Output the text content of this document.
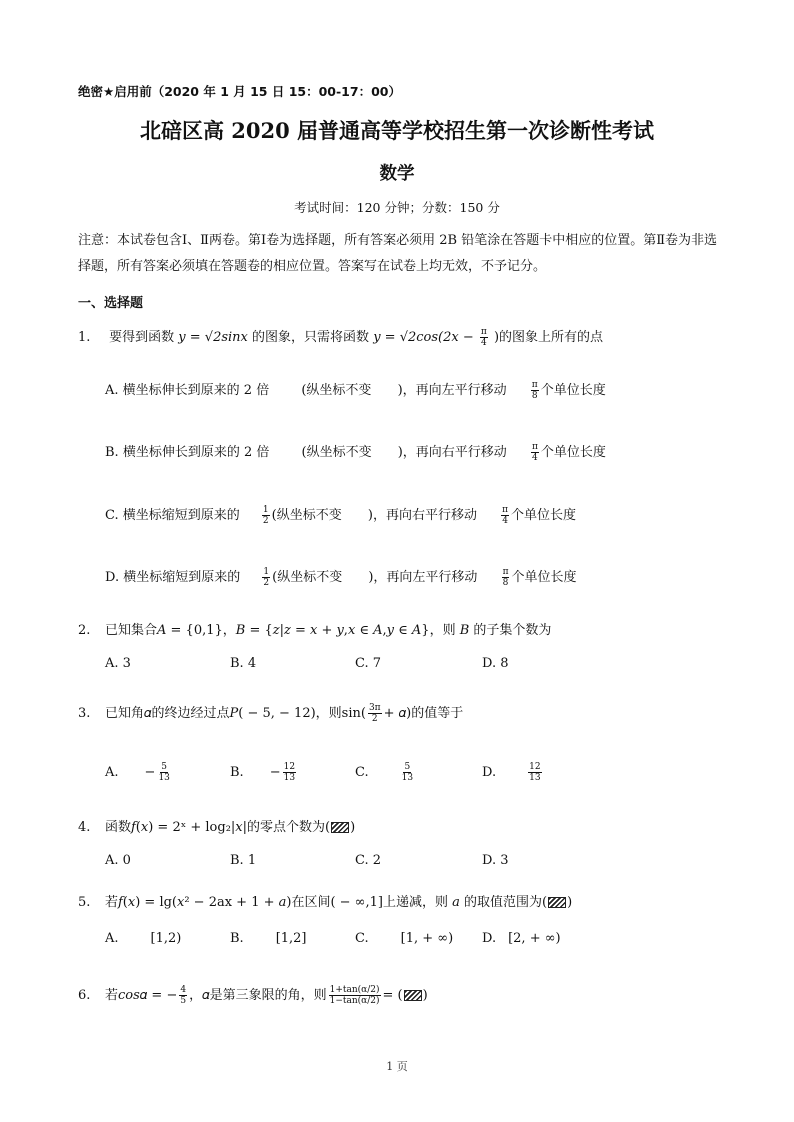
绝密★启用前（2020 年 1 月 15 日 15：00-17：00）
北碚区高 2020 届普通高等学校招生第一次诊断性考试
数学
考试时间：120 分钟；分数：150 分
注意：本试卷包含Ⅰ、Ⅱ两卷。第Ⅰ卷为选择题，所有答案必须用 2B 铅笔涂在答题卡中相应的位置。第Ⅱ卷为非选择题，所有答案必须填在答题卷的相应位置。答案写在试卷上均无效，不予记分。
一、选择题
1. 要得到函数 y = √2sinx 的图象，只需将函数 $y = √2\cos(2x - \frac{\pi}{4}$ )的图象上所有的点
A. 横坐标伸长到原来的 2 倍 (纵坐标不变 )，再向左平行移动	$\frac{\pi}{8}$ 个单位长度
B. 横坐标伸长到原来的 2 倍 (纵坐标不变 )，再向右平行移动	$\frac{\pi}{4}$ 个单位长度
C. 横坐标缩短到原来的 $\frac{1}{2}$ (纵坐标不变 )，再向右平行移动	$\frac{\pi}{4}$ 个单位长度
D. 横坐标缩短到原来的 $\frac{1}{2}$ (纵坐标不变 )，再向左平行移动	$\frac{\pi}{8}$ 个单位长度
2. 已知集合𝐴 = {0,1}，𝐵 = {𝑧|𝑧 = 𝑥 + 𝑦,𝑥 ∈ 𝐴,𝑦 ∈ 𝐴}，则 𝐵 的子集个数为
A. 3	B. 4	C. 7	D. 8
3. 已知角𝛼的终边经过点𝑃( − 5, − 12)，则$\sin( \frac{3\pi}{2}$ + 𝛼)的值等于
A. − $\frac{5}{13}$	B. − $\frac{12}{13}$	C.	$\frac{5}{13}$	D.	$\frac{12}{13}$
4. 函数𝑓(𝑥) = 2ˣ + log₂|𝑥|的零点个数为( )
A. 0	B. 1	C. 2	D. 3
5. 若𝑓(𝑥) = lg(𝑥² − 2ax + 1 + 𝑎)在区间( − ∞,1]上递减，则 𝑎 的取值范围为( )
A. [1,2)	B. [1,2]	C. [1, + ∞) D. [2, + ∞)
6. 若𝑐𝑜𝑠𝛼 = − $\frac{4}{5}$ ，𝛼是第三象限的角，则 $\frac{1+\tan(\alpha/2)}{1-\tan(\alpha/2)}$ = ( )
1 页
